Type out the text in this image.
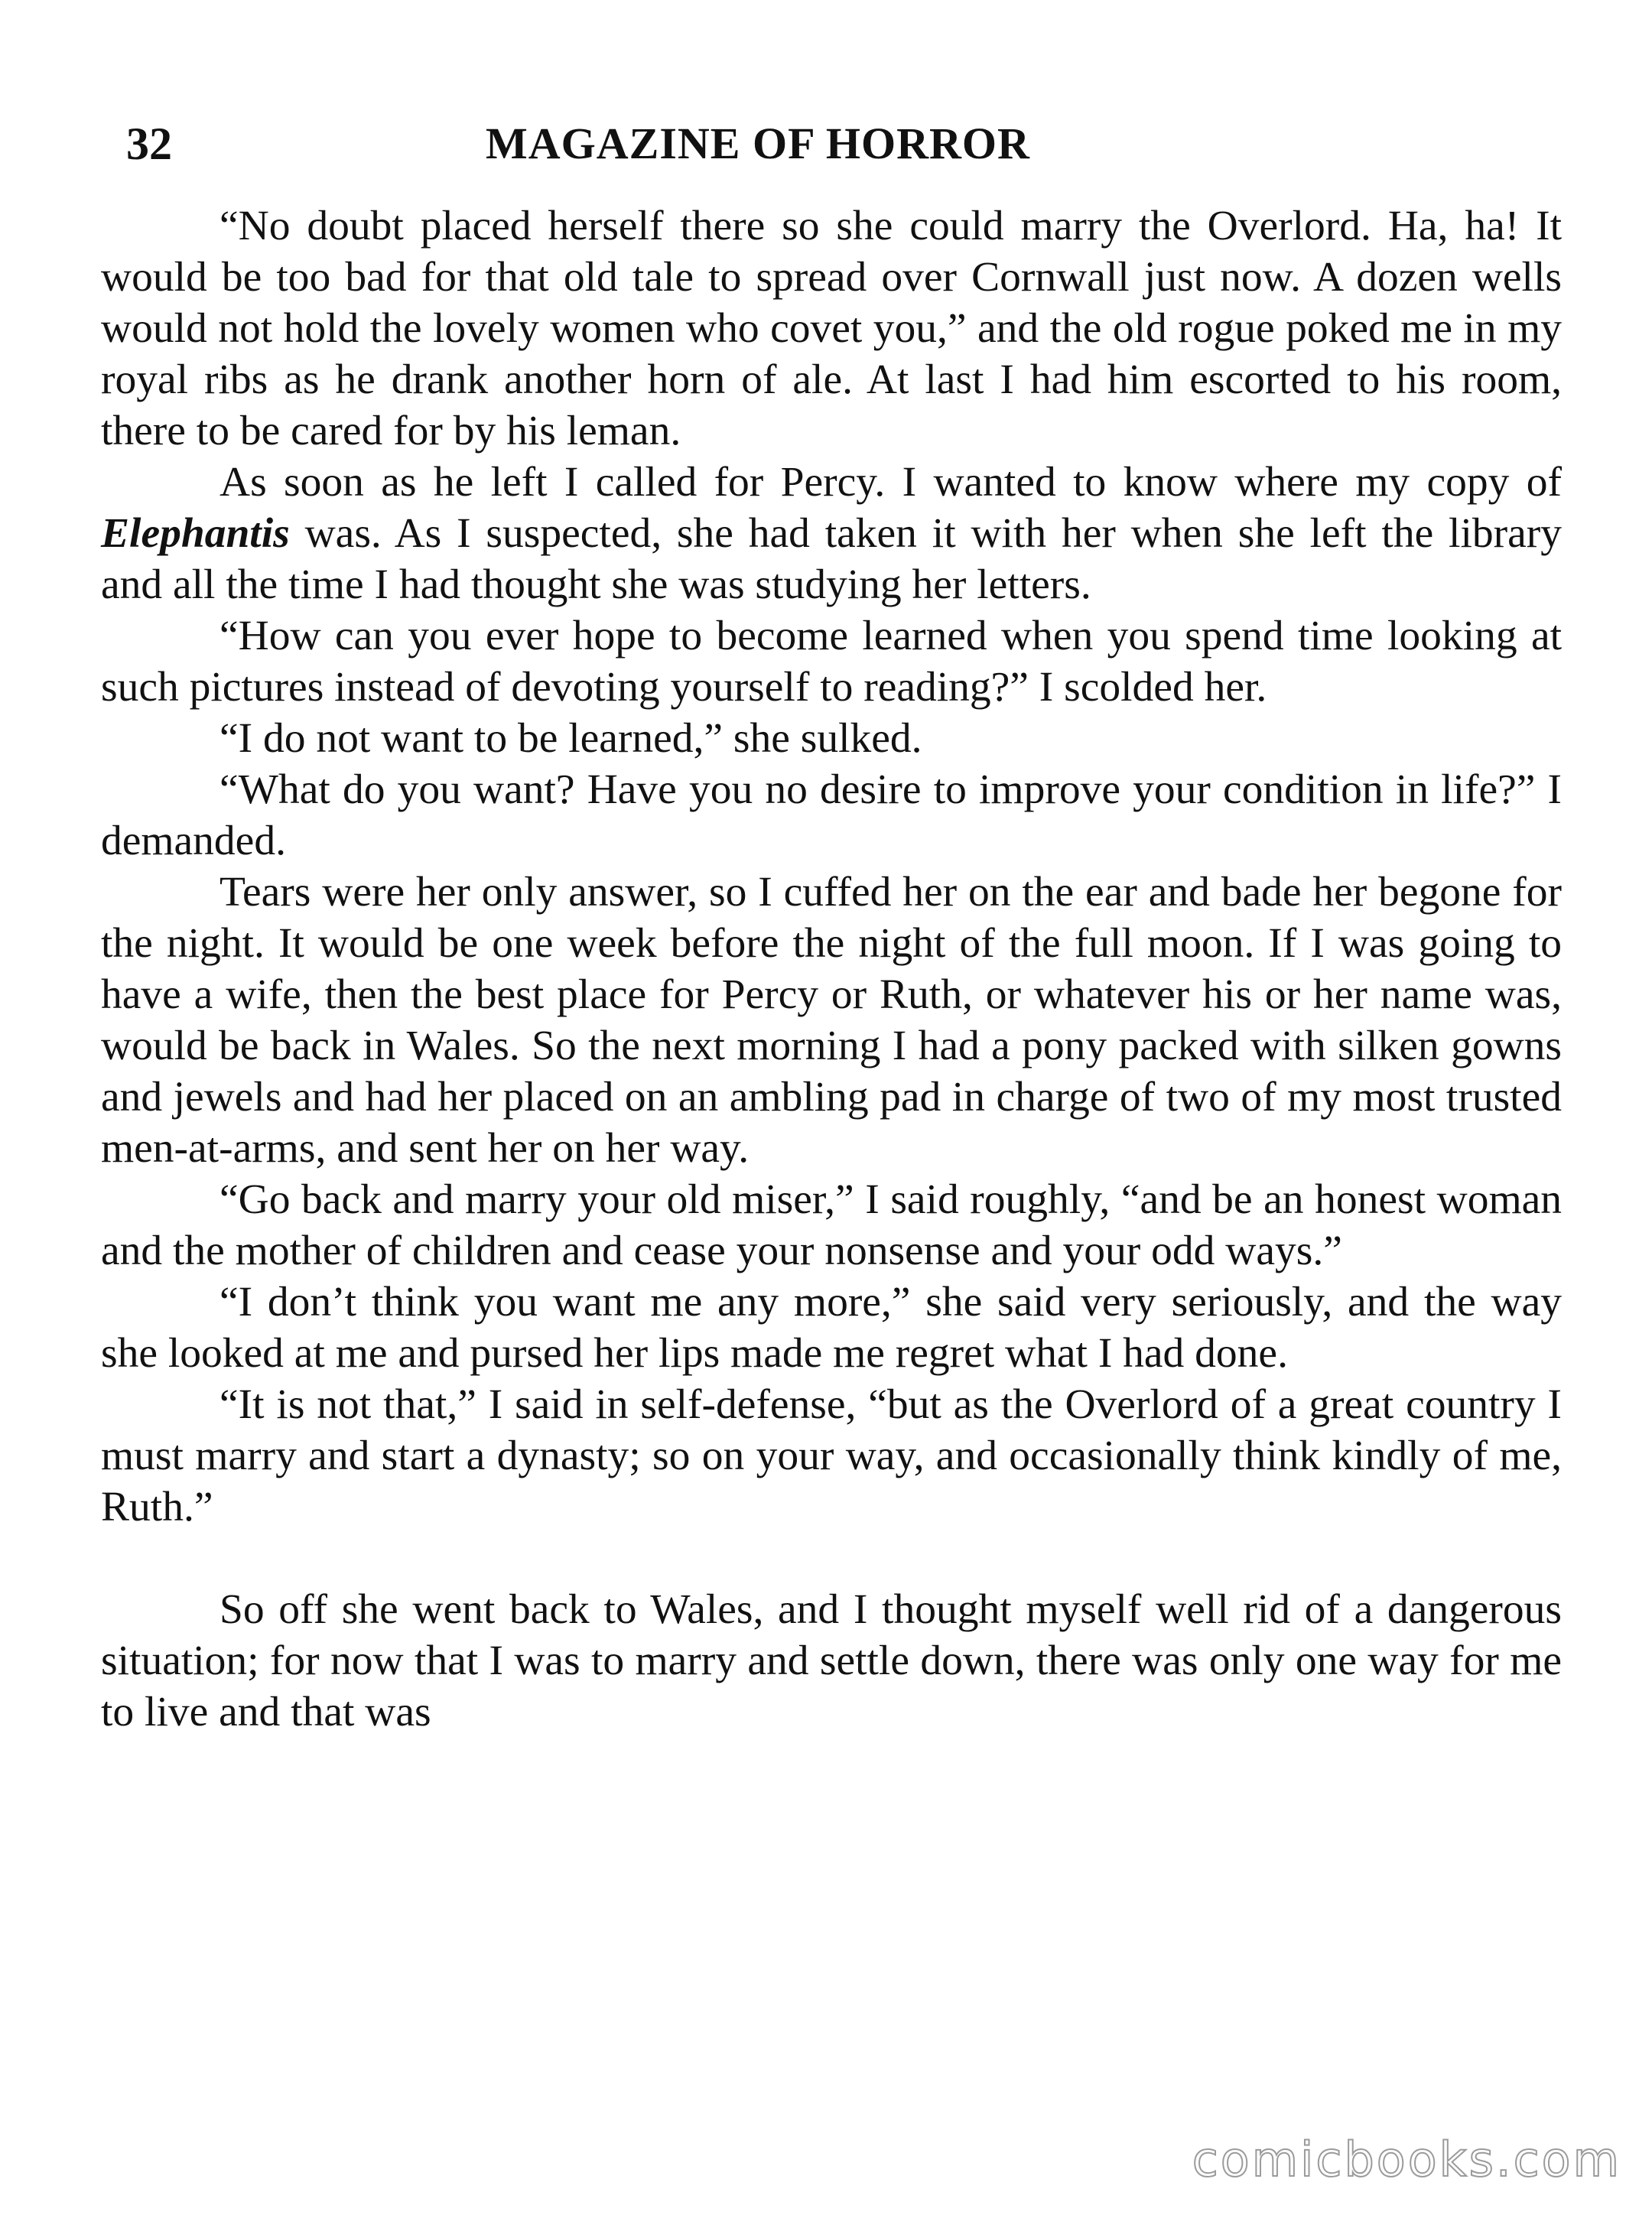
32	MAGAZINE OF HORROR

“No doubt placed herself there so she could marry the Overlord. Ha, ha! It would be too bad for that old tale to spread over Cornwall just now. A dozen wells would not hold the lovely women who covet you,” and the old rogue poked me in my royal ribs as he drank another horn of ale. At last I had him escorted to his room, there to be cared for by his leman.

As soon as he left I called for Percy. I wanted to know where my copy of Elephantis was. As I suspected, she had taken it with her when she left the library and all the time I had thought she was studying her letters.

“How can you ever hope to become learned when you spend time looking at such pictures instead of devoting yourself to reading?” I scolded her.

“I do not want to be learned,” she sulked.

“What do you want? Have you no desire to improve your condition in life?” I demanded.

Tears were her only answer, so I cuffed her on the ear and bade her begone for the night. It would be one week before the night of the full moon. If I was going to have a wife, then the best place for Percy or Ruth, or whatever his or her name was, would be back in Wales. So the next morning I had a pony packed with silken gowns and jewels and had her placed on an ambling pad in charge of two of my most trusted men-at-arms, and sent her on her way.

“Go back and marry your old miser,” I said roughly, “and be an honest woman and the mother of children and cease your nonsense and your odd ways.”

“I don’t think you want me any more,” she said very seriously, and the way she looked at me and pursed her lips made me regret what I had done.

“It is not that,” I said in self-defense, “but as the Overlord of a great country I must marry and start a dynasty; so on your way, and occasionally think kindly of me, Ruth.”

So off she went back to Wales, and I thought myself well rid of a dangerous situation; for now that I was to marry and settle down, there was only one way for me to live and that was

comicbooks.com
